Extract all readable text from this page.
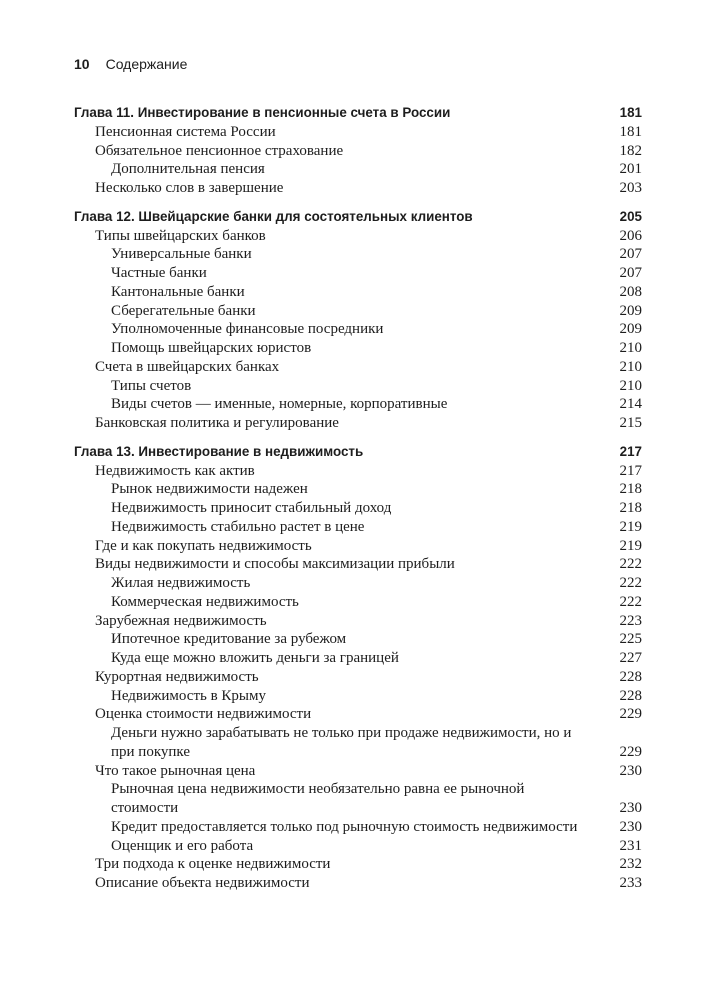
10 Содержание
Глава 11. Инвестирование в пенсионные счета в России	181
Пенсионная система России	181
Обязательное пенсионное страхование	182
Дополнительная пенсия	201
Несколько слов в завершение	203
Глава 12. Швейцарские банки для состоятельных клиентов	205
Типы швейцарских банков	206
Универсальные банки	207
Частные банки	207
Кантональные банки	208
Сберегательные банки	209
Уполномоченные финансовые посредники	209
Помощь швейцарских юристов	210
Счета в швейцарских банках	210
Типы счетов	210
Виды счетов — именные, номерные, корпоративные	214
Банковская политика и регулирование	215
Глава 13. Инвестирование в недвижимость	217
Недвижимость как актив	217
Рынок недвижимости надежен	218
Недвижимость приносит стабильный доход	218
Недвижимость стабильно растет в цене	219
Где и как покупать недвижимость	219
Виды недвижимости и способы максимизации прибыли	222
Жилая недвижимость	222
Коммерческая недвижимость	222
Зарубежная недвижимость	223
Ипотечное кредитование за рубежом	225
Куда еще можно вложить деньги за границей	227
Курортная недвижимость	228
Недвижимость в Крыму	228
Оценка стоимости недвижимости	229
Деньги нужно зарабатывать не только при продаже недвижимости, но и при покупке	229
Что такое рыночная цена	230
Рыночная цена недвижимости необязательно равна ее рыночной стоимости	230
Кредит предоставляется только под рыночную стоимость недвижимости	230
Оценщик и его работа	231
Три подхода к оценке недвижимости	232
Описание объекта недвижимости	233
